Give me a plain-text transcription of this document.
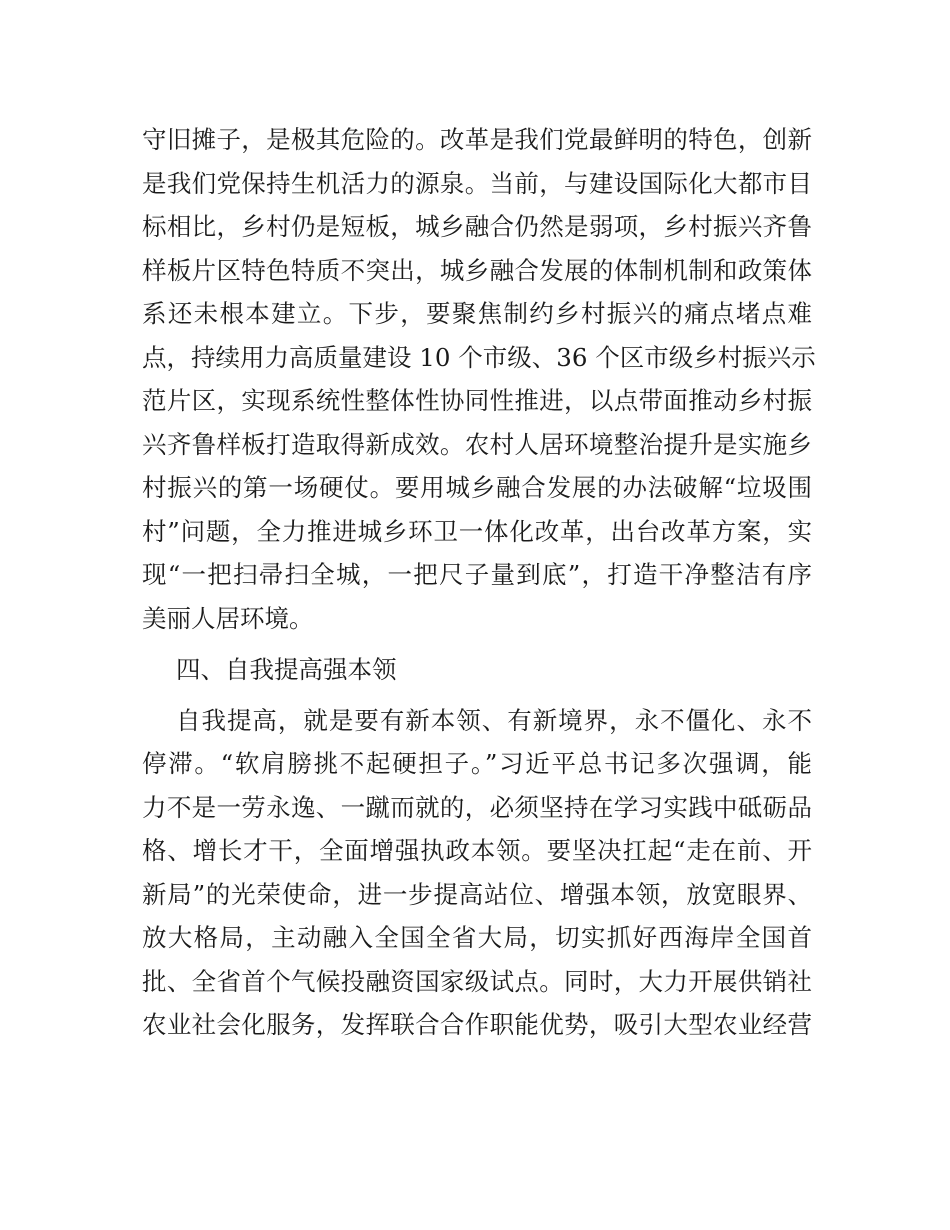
守旧摊子，是极其危险的。改革是我们党最鲜明的特色，创新
是我们党保持生机活力的源泉。当前，与建设国际化大都市目
标相比，乡村仍是短板，城乡融合仍然是弱项，乡村振兴齐鲁
样板片区特色特质不突出，城乡融合发展的体制机制和政策体
系还未根本建立。下步，要聚焦制约乡村振兴的痛点堵点难
点，持续用力高质量建设 10 个市级、36 个区市级乡村振兴示
范片区，实现系统性整体性协同性推进，以点带面推动乡村振
兴齐鲁样板打造取得新成效。农村人居环境整治提升是实施乡
村振兴的第一场硬仗。要用城乡融合发展的办法破解“垃圾围
村”问题，全力推进城乡环卫一体化改革，出台改革方案，实
现“一把扫帚扫全城，一把尺子量到底”，打造干净整洁有序
美丽人居环境。
四、自我提高强本领
自我提高，就是要有新本领、有新境界，永不僵化、永不
停滞。“软肩膀挑不起硬担子。”习近平总书记多次强调，能
力不是一劳永逸、一蹴而就的，必须坚持在学习实践中砥砺品
格、增长才干，全面增强执政本领。要坚决扛起“走在前、开
新局”的光荣使命，进一步提高站位、增强本领，放宽眼界、
放大格局，主动融入全国全省大局，切实抓好西海岸全国首
批、全省首个气候投融资国家级试点。同时，大力开展供销社
农业社会化服务，发挥联合合作职能优势，吸引大型农业经营
